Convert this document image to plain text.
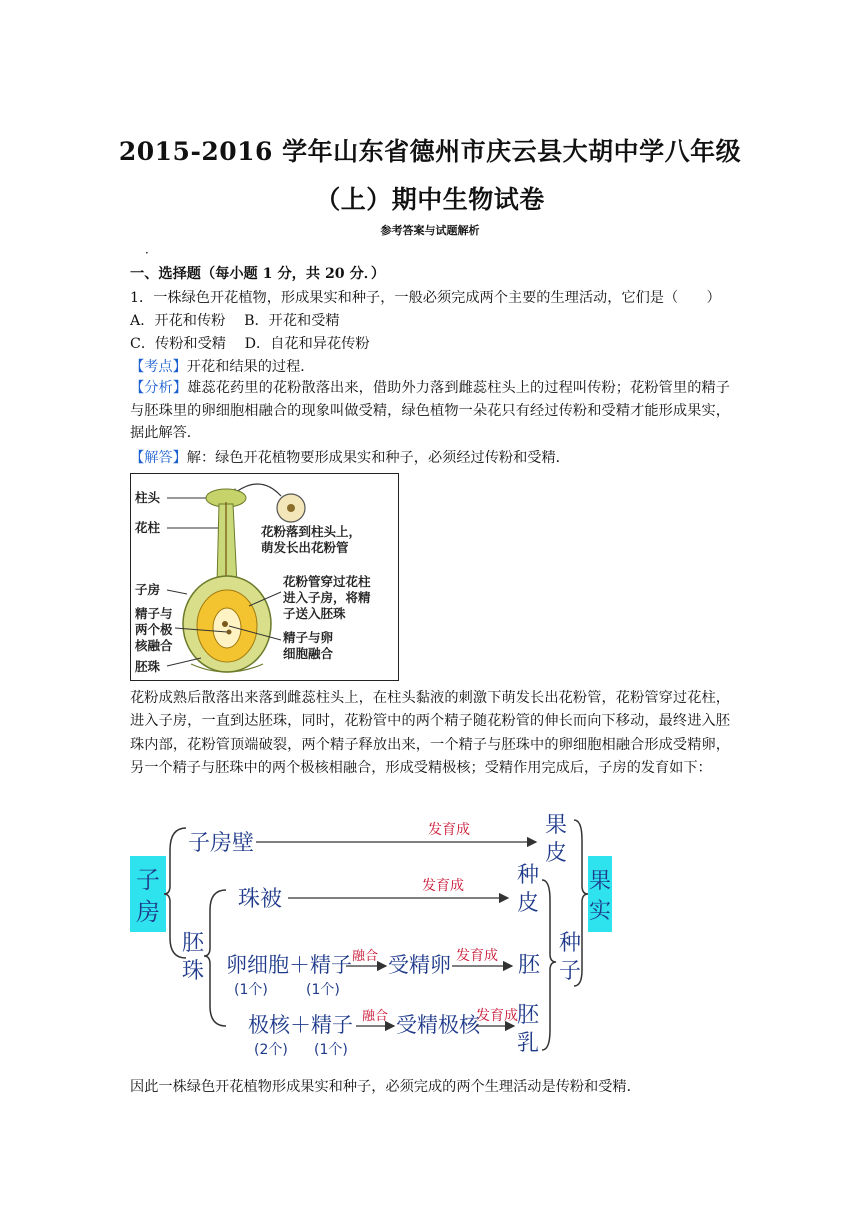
2015-2016 学年山东省德州市庆云县大胡中学八年级
（上）期中生物试卷
参考答案与试题解析
．
一、选择题（每小题 1 分，共 20 分．）
1．一株绿色开花植物，形成果实和种子，一般必须完成两个主要的生理活动，它们是（　　）
A．开花和传粉　 B．开花和受精
C．传粉和受精　 D．自花和异花传粉
【考点】开花和结果的过程．
【分析】雄蕊花药里的花粉散落出来，借助外力落到雌蕊柱头上的过程叫传粉；花粉管里的精子与胚珠里的卵细胞相融合的现象叫做受精，绿色植物一朵花只有经过传粉和受精才能形成果实，据此解答．
【解答】解：绿色开花植物要形成果实和种子，必须经过传粉和受精．
柱头
花柱
子房
精子与
两个极
核融合
胚珠
花粉落到柱头上，
萌发长出花粉管
花粉管穿过花柱
进入子房，将精
子送入胚珠
精子与卵
细胞融合
花粉成熟后散落出来落到雌蕊柱头上，在柱头黏液的刺激下萌发长出花粉管，花粉管穿过花柱，进入子房，一直到达胚珠，同时，花粉管中的两个精子随花粉管的伸长而向下移动，最终进入胚珠内部，花粉管顶端破裂，两个精子释放出来，一个精子与胚珠中的卵细胞相融合形成受精卵，另一个精子与胚珠中的两个极核相融合，形成受精极核；受精作用完成后，子房的发育如下：
子
房
子房壁
发育成	果
皮
胚
珠
珠被
发育成 种
皮
卵细胞＋精子
(1个)	(1个)
融合 受精卵 发育成 胚
极核＋精子
(2个) (1个)
融合 受精极核
发育成
胚
乳
种
子
果
实
因此一株绿色开花植物形成果实和种子，必须完成的两个生理活动是传粉和受精．
